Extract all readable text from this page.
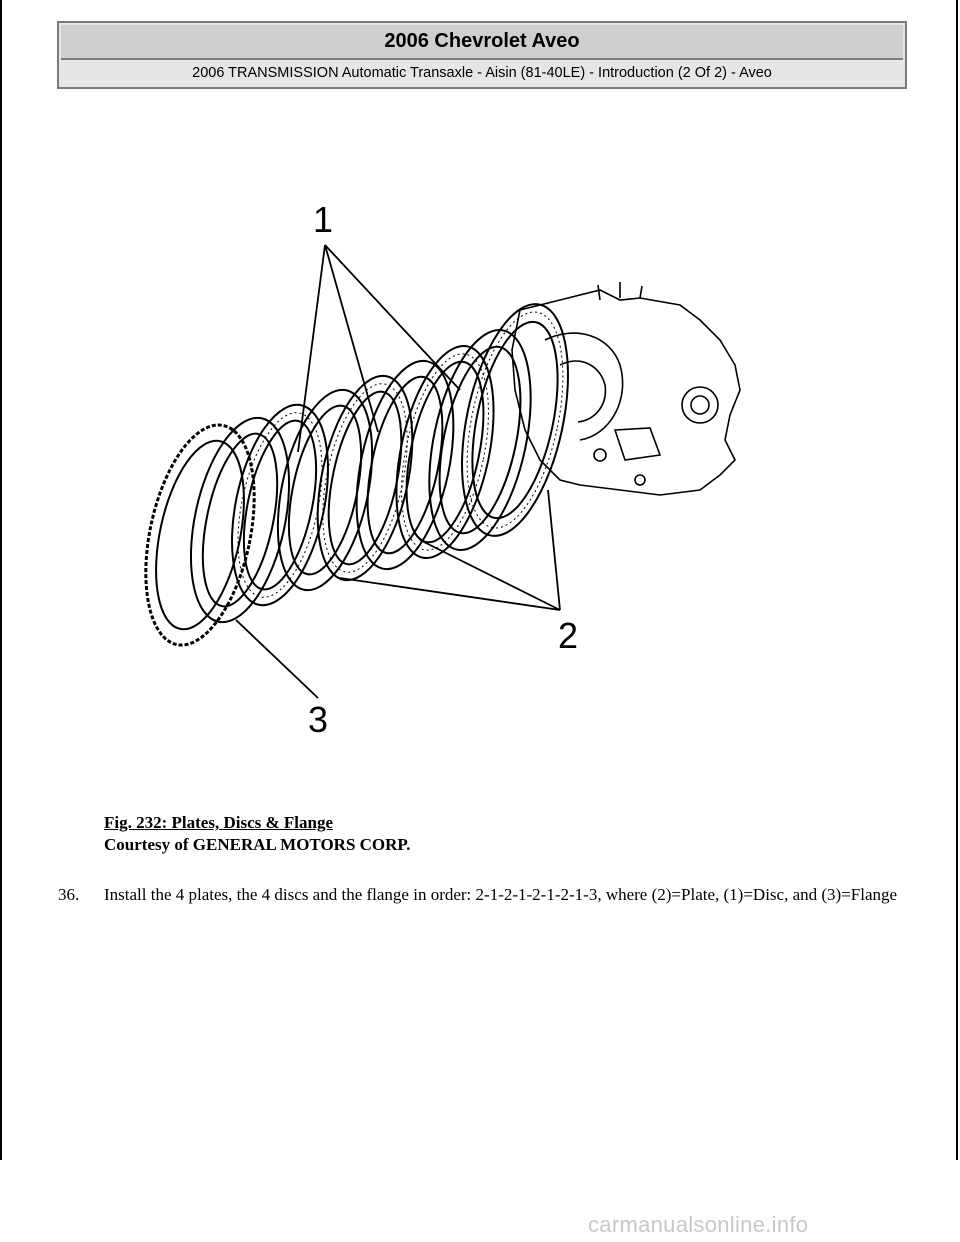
2006 Chevrolet Aveo
2006 TRANSMISSION Automatic Transaxle - Aisin (81-40LE) - Introduction (2 Of 2) - Aveo
1
2
3
Fig. 232: Plates, Discs & Flange
Courtesy of GENERAL MOTORS CORP.
36.	Install the 4 plates, the 4 discs and the flange in order: 2-1-2-1-2-1-2-1-3, where (2)=Plate, (1)=Disc, and (3)=Flange
carmanualsonline.info
